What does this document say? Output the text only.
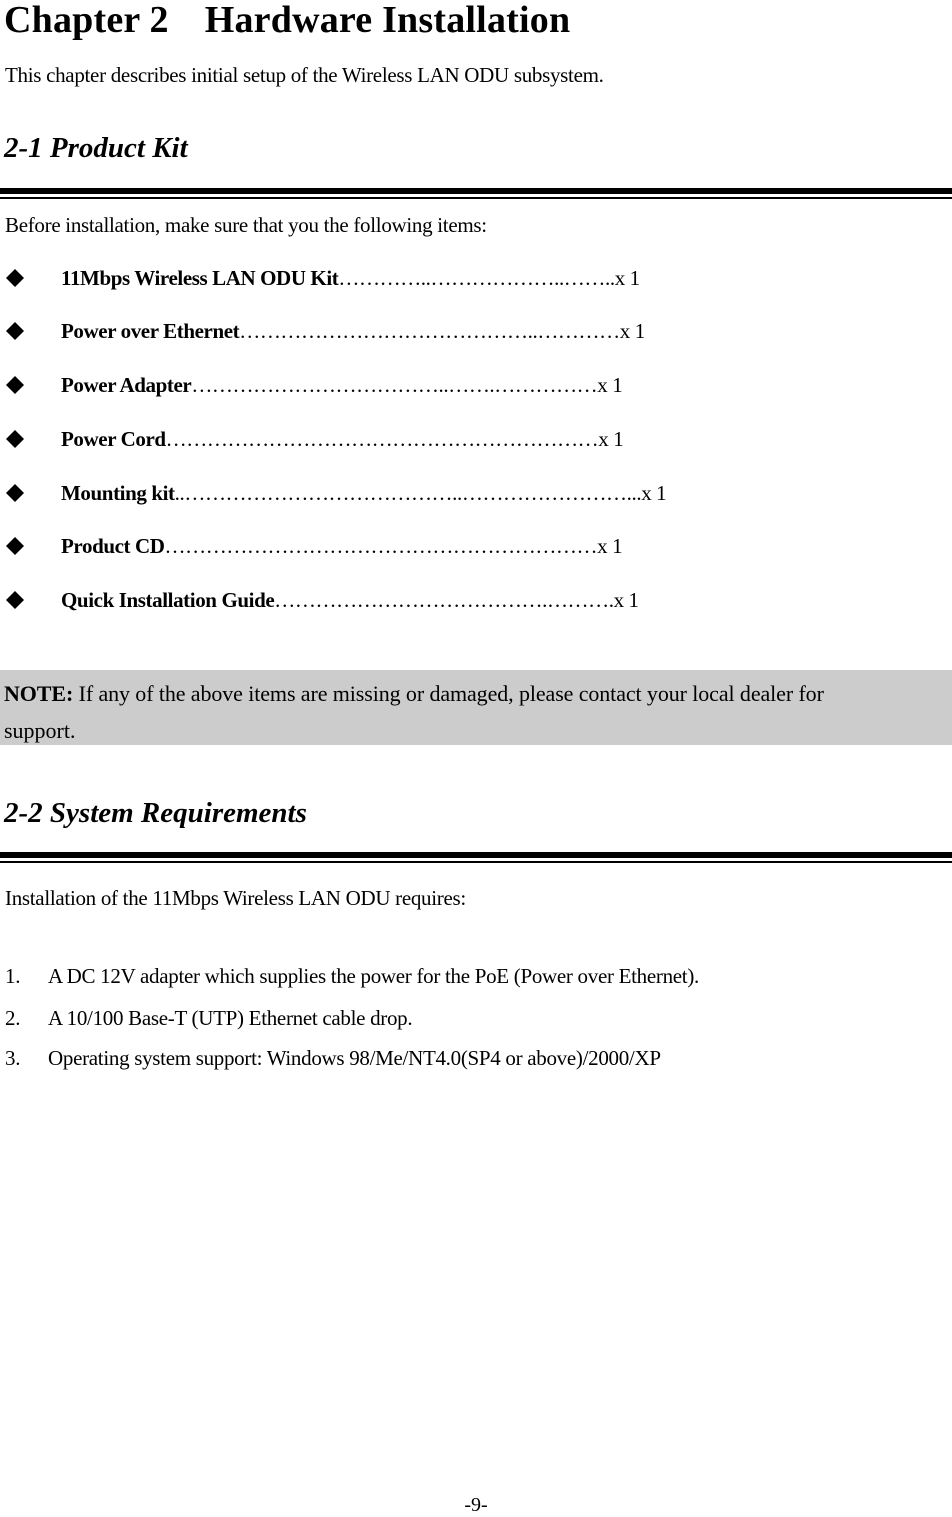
Chapter 2 Hardware Installation
This chapter describes initial setup of the Wireless LAN ODU subsystem.
2-1 Product Kit
Before installation, make sure that you the following items:
11Mbps Wireless LAN ODU Kit…………..………………..……..x 1
Power over Ethernet……………………………………..…………x 1
Power Adapter………………………………..…….……………x 1
Power Cord………………………………………………………x 1
Mounting kit..…………………………………..……………………...x 1
Product CD………………………………………………………x 1
Quick Installation Guide………………………………….……….x 1
NOTE: If any of the above items are missing or damaged, please contact your local dealer for
support.
2-2 System Requirements
Installation of the 11Mbps Wireless LAN ODU requires:
1. A DC 12V adapter which supplies the power for the PoE (Power over Ethernet).
2. A 10/100 Base-T (UTP) Ethernet cable drop.
3. Operating system support: Windows 98/Me/NT4.0(SP4 or above)/2000/XP
-9-
